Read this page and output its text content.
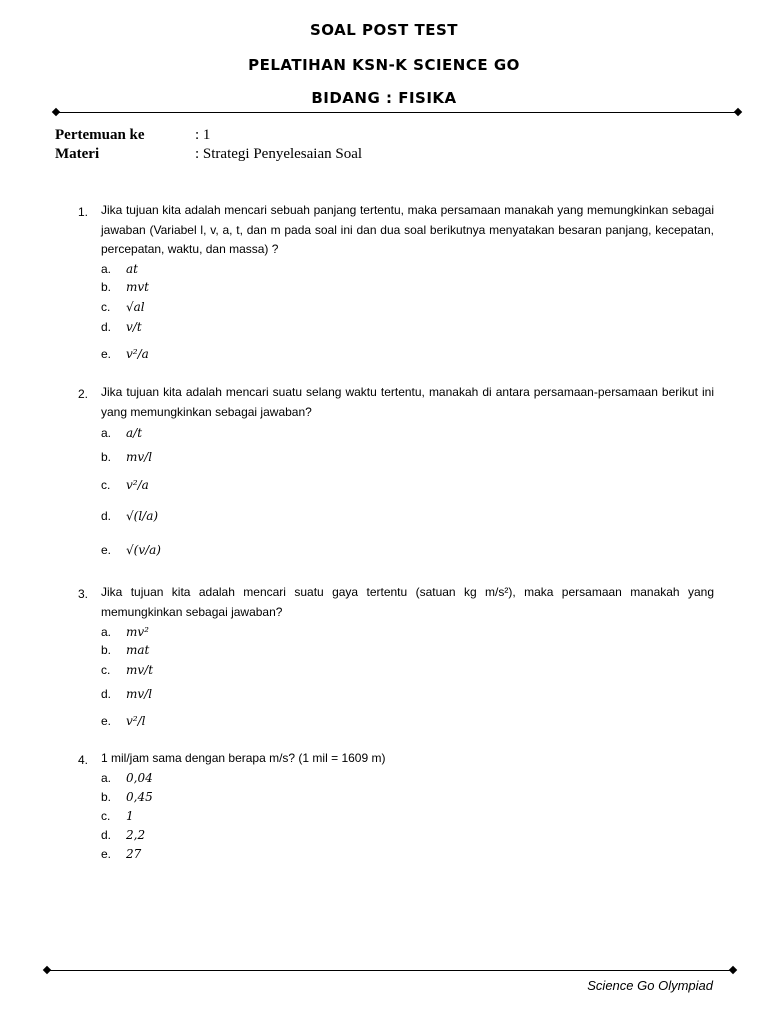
SOAL POST TEST
PELATIHAN KSN-K SCIENCE GO
BIDANG : FISIKA
Pertemuan ke	: 1
Materi	: Strategi Penyelesaian Soal
1. Jika tujuan kita adalah mencari sebuah panjang tertentu, maka persamaan manakah yang memungkinkan sebagai jawaban (Variabel l, v, a, t, dan m pada soal ini dan dua soal berikutnya menyatakan besaran panjang, kecepatan, percepatan, waktu, dan massa) ?
a.	at
b.	mvt
c.	√al
d.	v/t
e.	v²/a
2. Jika tujuan kita adalah mencari suatu selang waktu tertentu, manakah di antara persamaan-persamaan berikut ini yang memungkinkan sebagai jawaban?
a.	a/t
b.	mv/l
c.	v²/a
d.	√(l/a)
e.	√(v/a)
3. Jika tujuan kita adalah mencari suatu gaya tertentu (satuan kg m/s²), maka persamaan manakah yang memungkinkan sebagai jawaban?
a.	mv²
b.	mat
c.	mv/t
d.	mv/l
e.	v²/l
4. 1 mil/jam sama dengan berapa m/s? (1 mil = 1609 m)
a.	0,04
b.	0,45
c.	1
d.	2,2
e.	27
Science Go Olympiad
